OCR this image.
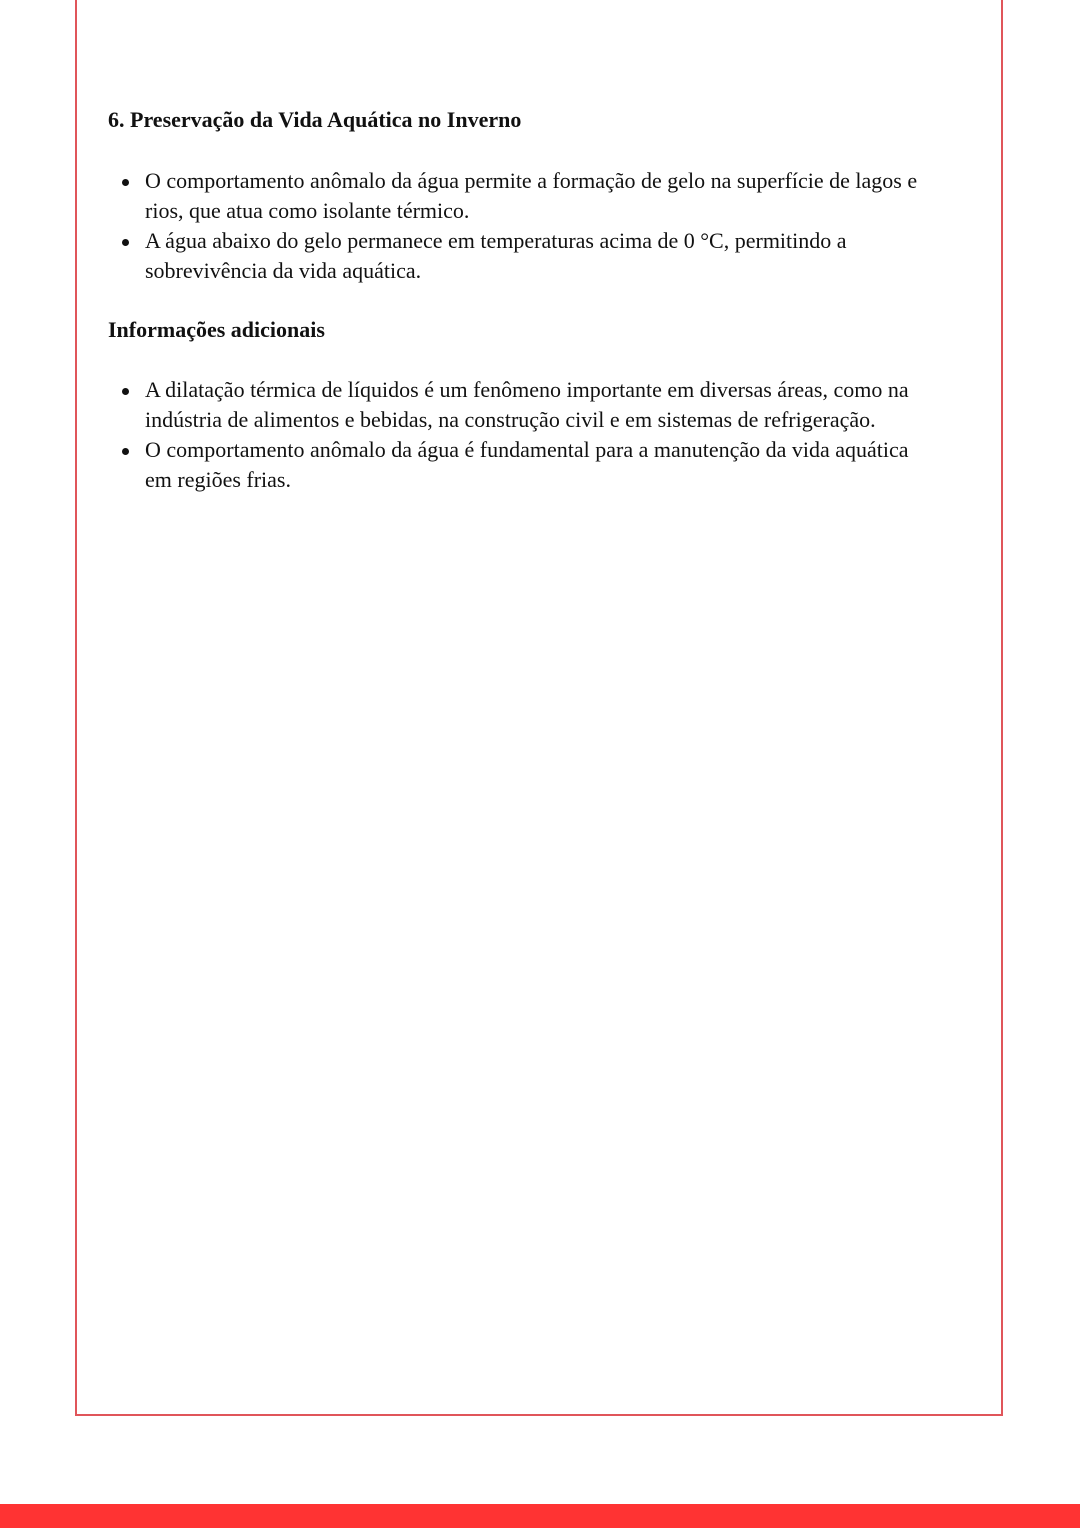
6. Preservação da Vida Aquática no Inverno
O comportamento anômalo da água permite a formação de gelo na superfície de lagos e
rios, que atua como isolante térmico.
A água abaixo do gelo permanece em temperaturas acima de 0 °C, permitindo a
sobrevivência da vida aquática.
Informações adicionais
A dilatação térmica de líquidos é um fenômeno importante em diversas áreas, como na
indústria de alimentos e bebidas, na construção civil e em sistemas de refrigeração.
O comportamento anômalo da água é fundamental para a manutenção da vida aquática
em regiões frias.
